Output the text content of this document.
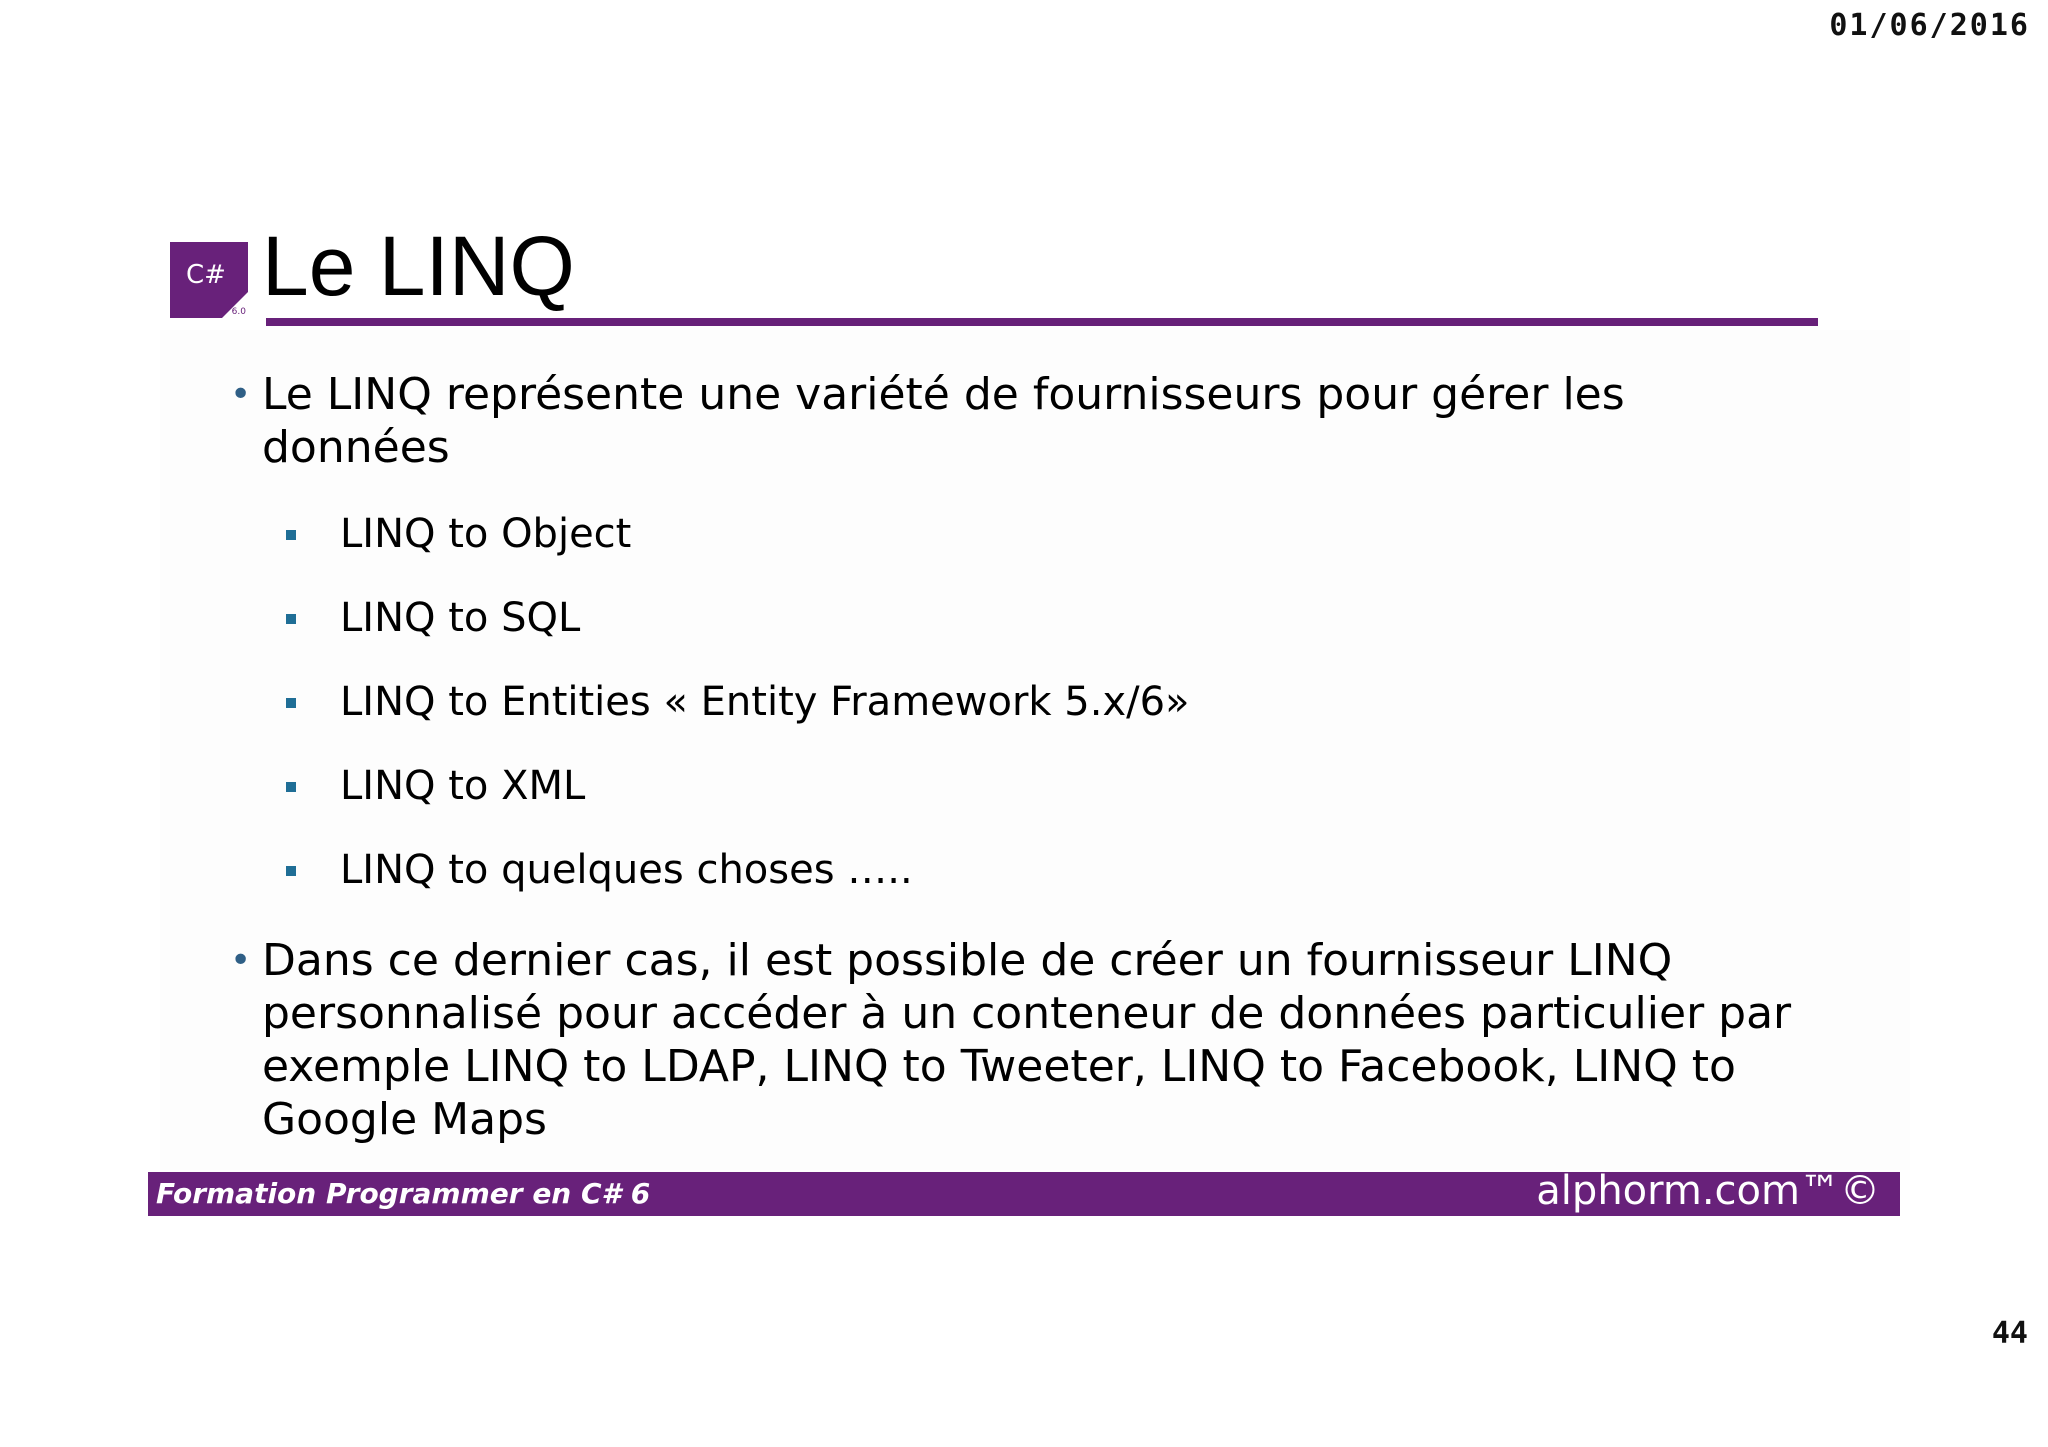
01/06/2016
C#
6.0 Le LINQ
• Le LINQ représente une variété de fournisseurs pour gérer les données
LINQ to Object
LINQ to SQL
LINQ to Entities « Entity Framework 5.x/6»
LINQ to XML
LINQ to quelques choses …..
• Dans ce dernier cas, il est possible de créer un fournisseur LINQ personnalisé pour accéder à un conteneur de données particulier par exemple LINQ to LDAP, LINQ to Tweeter, LINQ to Facebook, LINQ to Google Maps
Formation Programmer en C# 6	alphorm.com™©
44
